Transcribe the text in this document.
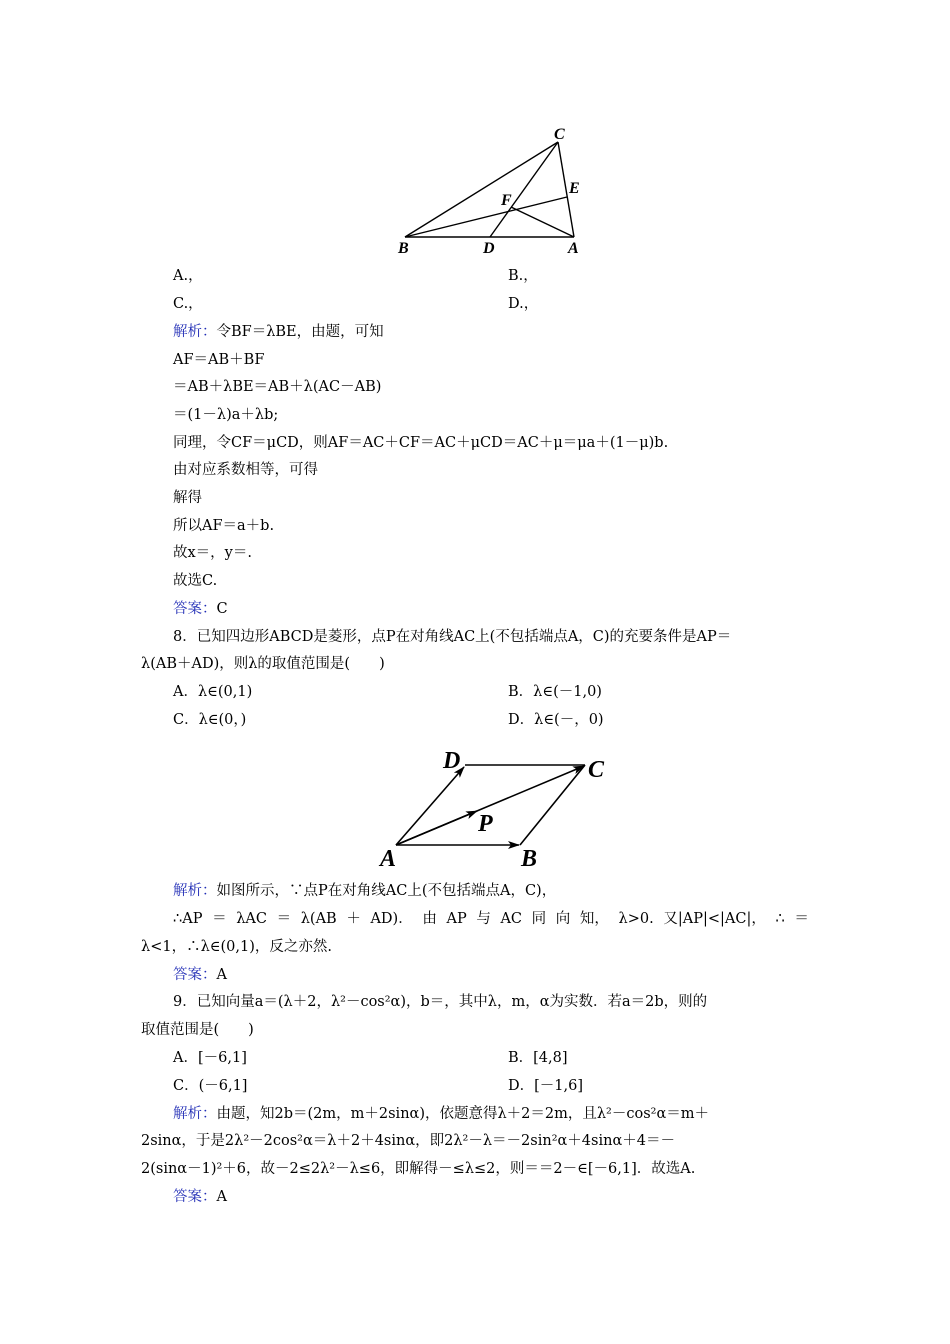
C
E
F
B	D	A
A.，	B.，
C.，	D.，
解析：令BF＝λBE，由题，可知
AF＝AB＋BF
＝AB＋λBE＝AB＋λ(AC－AB)
＝(1－λ)a＋λb;
同理，令CF＝μCD，则AF＝AC＋CF＝AC＋μCD＝AC＋μ＝μa＋(1－μ)b.
由对应系数相等，可得
解得
所以AF＝a＋b.
故x＝，y＝.
故选C.
答案：C
8．已知四边形ABCD是菱形，点P在对角线AC上(不包括端点A，C)的充要条件是AP＝
λ(AB＋AD)，则λ的取值范围是(　　)
A．λ∈(0,1)	B．λ∈(－1,0)
C．λ∈(0，)	D．λ∈(－，0)
D	C
P
A	B
解析：如图所示，∵点P在对角线AC上(不包括端点A，C)，
∴AP ＝ λAC ＝ λ(AB ＋ AD)． 由 AP 与 AC 同 向 知， λ>0. 又|AP|<|AC|， ∴ ＝
λ<1，∴λ∈(0,1)，反之亦然.
答案：A
9．已知向量a＝(λ＋2，λ²－cos²α)，b＝，其中λ，m，α为实数．若a＝2b，则的
取值范围是(　　)
A．[－6,1]	B．[4,8]
C．(－6,1]	D．[－1,6]
解析：由题，知2b＝(2m，m＋2sinα)，依题意得λ＋2＝2m，且λ²－cos²α＝m＋
2sinα，于是2λ²－2cos²α＝λ＋2＋4sinα，即2λ²－λ＝－2sin²α＋4sinα＋4＝－
2(sinα－1)²＋6，故－2≤2λ²－λ≤6，即解得－≤λ≤2，则＝＝2－∈[－6,1]．故选A.
答案：A
